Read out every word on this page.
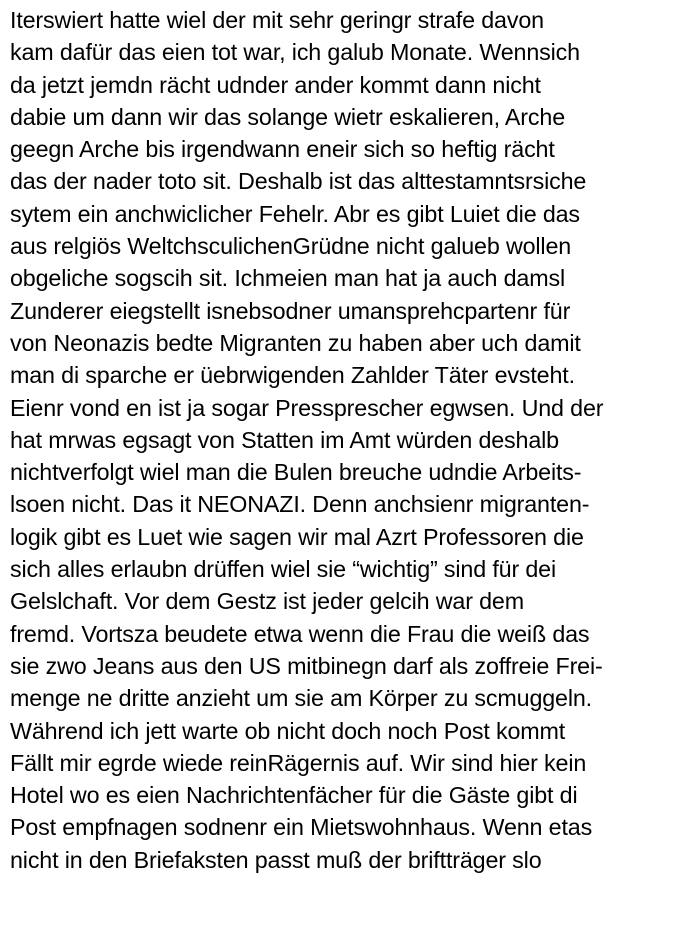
Iterswiert hatte wiel der mit sehr geringr strafe davon
kam dafür das eien tot war, ich galub Monate. Wennsich
da jetzt jemdn rächt udnder ander kommt dann nicht
dabie um dann wir das solange wietr eskalieren, Arche
geegn Arche bis irgendwann eneir sich so heftig rächt
das der nader toto sit. Deshalb ist das alttestamntsrsiche
sytem ein anchwiclicher Fehelr. Abr es gibt Luiet die das
aus relgiös WeltchsculichenGrüdne nicht galueb wollen
obgeliche sogscih sit. Ichmeien man hat ja auch damsl
Zunderer eiegstellt isnebsodner umansprehcpartenr für
von Neonazis bedte Migranten zu haben aber uch damit
man di sparche er üebrwigenden Zahlder Täter evsteht.
Eienr vond en ist ja sogar Pressprescher egwsen. Und der
hat mrwas egsagt von Statten im Amt würden deshalb
nichtverfolgt wiel man die Bulen breuche udndie Arbeits-
lsoen nicht. Das it NEONAZI. Denn anchsienr migranten-
logik gibt es Luet wie sagen wir mal Azrt Professoren die
sich alles erlaubn drüffen wiel sie “wichtig” sind für dei
Gelslchaft. Vor dem Gestz ist jeder gelcih war dem
fremd. Vortsza beudete etwa wenn die Frau die weiß das
sie zwo Jeans aus den US mitbinegn darf als zoffreie Frei-
menge ne dritte anzieht um sie am Körper zu scmuggeln.
Während ich jett warte ob nicht doch noch Post kommt
Fällt mir egrde wiede reinRägernis auf. Wir sind hier kein
Hotel wo es eien Nachrichtenfächer für die Gäste gibt di
Post empfnagen sodnenr ein Mietswohnhaus. Wenn etas
nicht in den Briefaksten passt muß der briftträger slo
